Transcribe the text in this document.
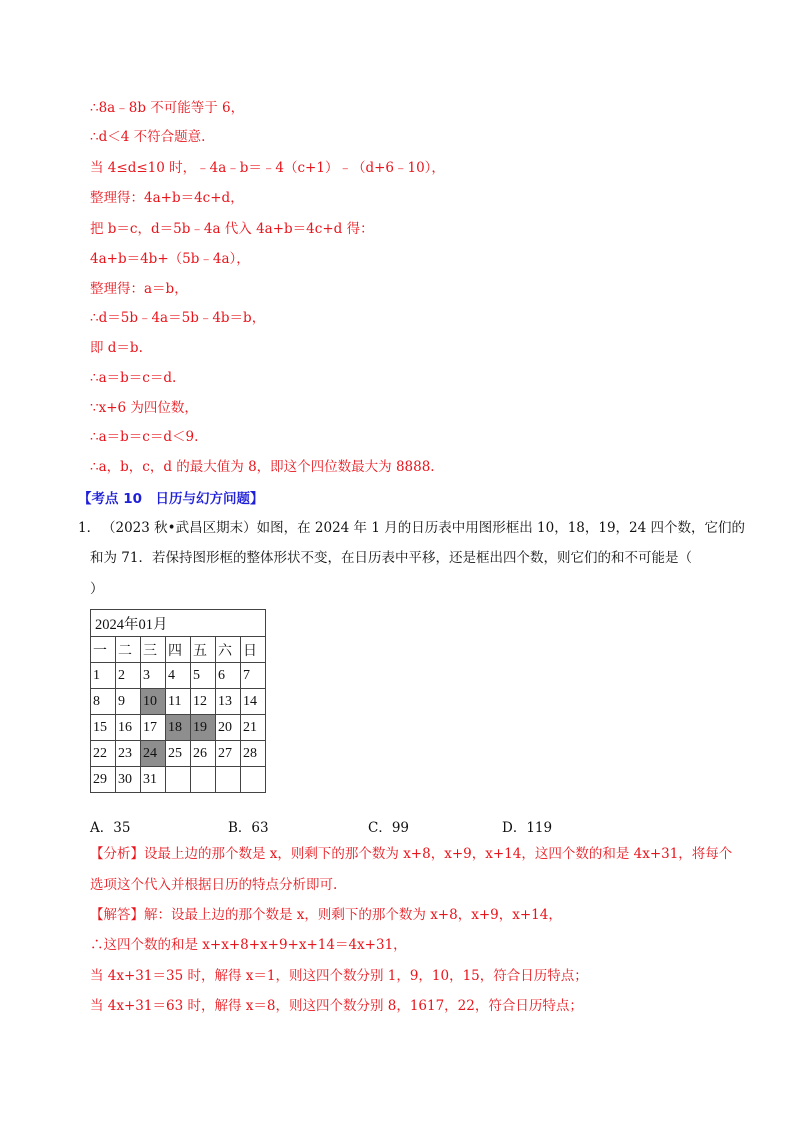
∴8a﹣8b 不可能等于 6，
∴d＜4 不符合题意.
当 4≤d≤10 时，﹣4a﹣b＝﹣4（c+1）﹣（d+6﹣10），
整理得：4a+b＝4c+d，
把 b＝c，d＝5b﹣4a 代入 4a+b＝4c+d 得：
4a+b＝4b+（5b﹣4a），
整理得：a＝b，
∴d＝5b﹣4a＝5b﹣4b＝b，
即 d＝b.
∴a＝b＝c＝d.
∵x+6 为四位数，
∴a＝b＝c＝d＜9.
∴a，b，c，d 的最大值为 8，即这个四位数最大为 8888.
【考点 10　日历与幻方问题】
1． （2023 秋•武昌区期末）如图，在 2024 年 1 月的日历表中用图形框出 10，18，19，24 四个数，它们的
和为 71．若保持图形框的整体形状不变，在日历表中平移，还是框出四个数，则它们的和不可能是（
）
2024年01月						
一	二	三	四	五	六	日
1	2	3	4	5	6	7
8	9	10	11	12	13	14
15	16	17	18	19	20	21
22	23	24	25	26	27	28
29	30	31				
A．35	B．63	C．99	D．119
【分析】设最上边的那个数是 x，则剩下的那个数为 x+8，x+9，x+14，这四个数的和是 4x+31，将每个
选项这个代入并根据日历的特点分析即可.
【解答】解：设最上边的那个数是 x，则剩下的那个数为 x+8，x+9，x+14，
∴这四个数的和是 x+x+8+x+9+x+14＝4x+31，
当 4x+31＝35 时，解得 x＝1，则这四个数分别 1，9，10，15，符合日历特点；
当 4x+31＝63 时，解得 x＝8，则这四个数分别 8，1617，22，符合日历特点；
